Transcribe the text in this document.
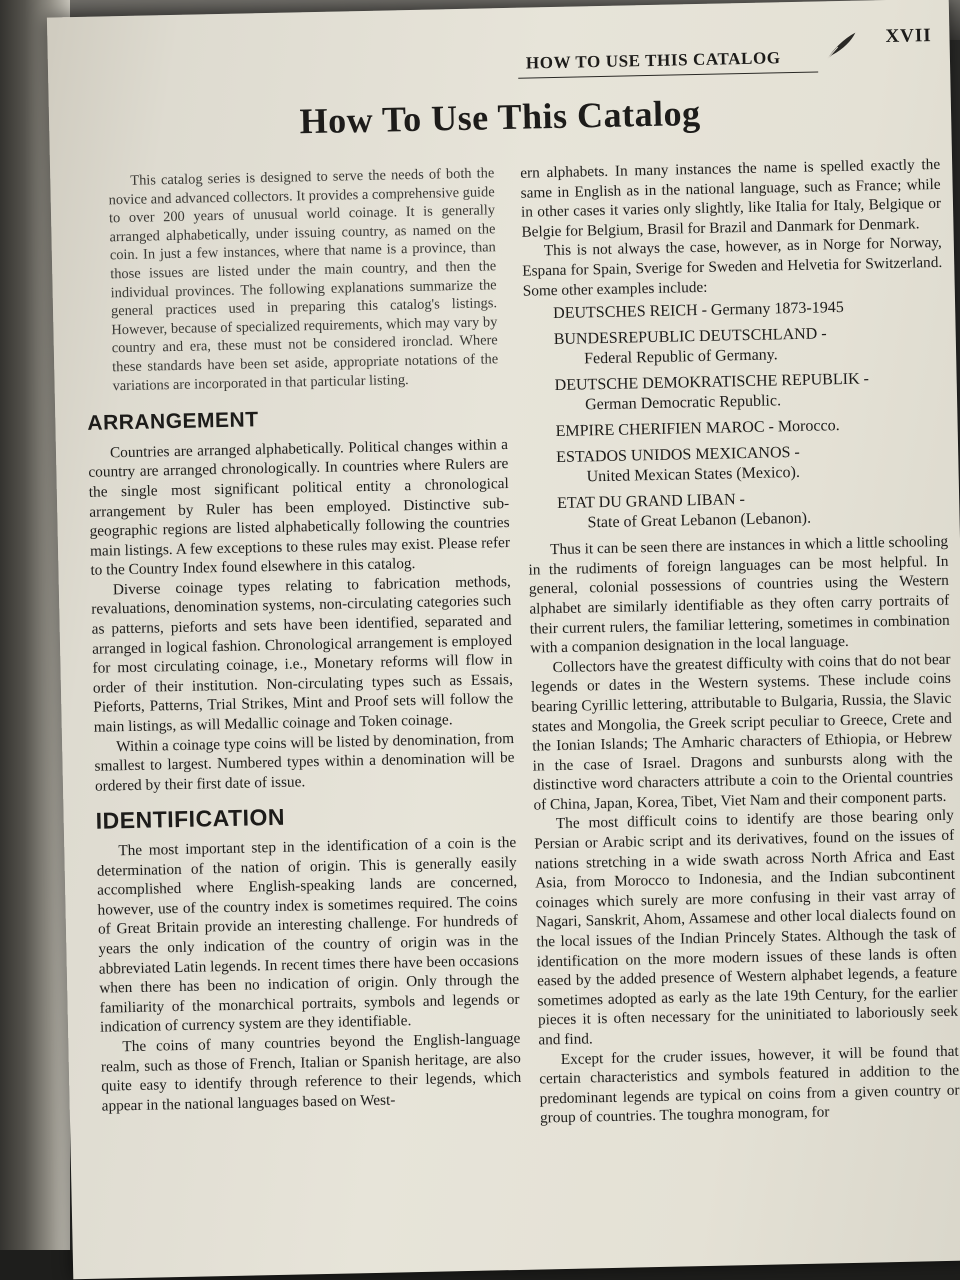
HOW TO USE THIS CATALOG
XVII
How To Use This Catalog

This catalog series is designed to serve the needs of both the novice and advanced collectors. It provides a comprehensive guide to over 200 years of unusual world coinage. It is generally arranged alphabetically, under issuing country, as named on the coin. In just a few instances, where that name is a province, than those issues are listed under the main country, and then the individual provinces. The following explanations summarize the general practices used in preparing this catalog's listings. However, because of specialized requirements, which may vary by country and era, these must not be considered ironclad. Where these standards have been set aside, appropriate notations of the variations are incorporated in that particular listing.

ARRANGEMENT

Countries are arranged alphabetically. Political changes within a country are arranged chronologically. In countries where Rulers are the single most significant political entity a chronological arrangement by Ruler has been employed. Distinctive sub-geographic regions are listed alphabetically following the countries main listings. A few exceptions to these rules may exist. Please refer to the Country Index found elsewhere in this catalog.

Diverse coinage types relating to fabrication methods, revaluations, denomination systems, non-circulating categories such as patterns, pieforts and sets have been identified, separated and arranged in logical fashion. Chronological arrangement is employed for most circulating coinage, i.e., Monetary reforms will flow in order of their institution. Non-circulating types such as Essais, Pieforts, Patterns, Trial Strikes, Mint and Proof sets will follow the main listings, as will Medallic coinage and Token coinage.

Within a coinage type coins will be listed by denomination, from smallest to largest. Numbered types within a denomination will be ordered by their first date of issue.

IDENTIFICATION

The most important step in the identification of a coin is the determination of the nation of origin. This is generally easily accomplished where English-speaking lands are concerned, however, use of the country index is sometimes required. The coins of Great Britain provide an interesting challenge. For hundreds of years the only indication of the country of origin was in the abbreviated Latin legends. In recent times there have been occasions when there has been no indication of origin. Only through the familiarity of the monarchical portraits, symbols and legends or indication of currency system are they identifiable.

The coins of many countries beyond the English-language realm, such as those of French, Italian or Spanish heritage, are also quite easy to identify through reference to their legends, which appear in the national languages based on West-

ern alphabets. In many instances the name is spelled exactly the same in English as in the national language, such as France; while in other cases it varies only slightly, like Italia for Italy, Belgique or Belgie for Belgium, Brasil for Brazil and Danmark for Denmark.

This is not always the case, however, as in Norge for Norway, Espana for Spain, Sverige for Sweden and Helvetia for Switzerland. Some other examples include:

DEUTSCHES REICH - Germany 1873-1945
BUNDESREPUBLIC DEUTSCHLAND -
Federal Republic of Germany.
DEUTSCHE DEMOKRATISCHE REPUBLIK -
German Democratic Republic.
EMPIRE CHERIFIEN MAROC - Morocco.
ESTADOS UNIDOS MEXICANOS -
United Mexican States (Mexico).
ETAT DU GRAND LIBAN -
State of Great Lebanon (Lebanon).

Thus it can be seen there are instances in which a little schooling in the rudiments of foreign languages can be most helpful. In general, colonial possessions of countries using the Western alphabet are similarly identifiable as they often carry portraits of their current rulers, the familiar lettering, sometimes in combination with a companion designation in the local language.

Collectors have the greatest difficulty with coins that do not bear legends or dates in the Western systems. These include coins bearing Cyrillic lettering, attributable to Bulgaria, Russia, the Slavic states and Mongolia, the Greek script peculiar to Greece, Crete and the Ionian Islands; The Amharic characters of Ethiopia, or Hebrew in the case of Israel. Dragons and sunbursts along with the distinctive word characters attribute a coin to the Oriental countries of China, Japan, Korea, Tibet, Viet Nam and their component parts.

The most difficult coins to identify are those bearing only Persian or Arabic script and its derivatives, found on the issues of nations stretching in a wide swath across North Africa and East Asia, from Morocco to Indonesia, and the Indian subcontinent coinages which surely are more confusing in their vast array of Nagari, Sanskrit, Ahom, Assamese and other local dialects found on the local issues of the Indian Princely States. Although the task of identification on the more modern issues of these lands is often eased by the added presence of Western alphabet legends, a feature sometimes adopted as early as the late 19th Century, for the earlier pieces it is often necessary for the uninitiated to laboriously seek and find.

Except for the cruder issues, however, it will be found that certain characteristics and symbols featured in addition to the predominant legends are typical on coins from a given country or group of countries. The toughra monogram, for
